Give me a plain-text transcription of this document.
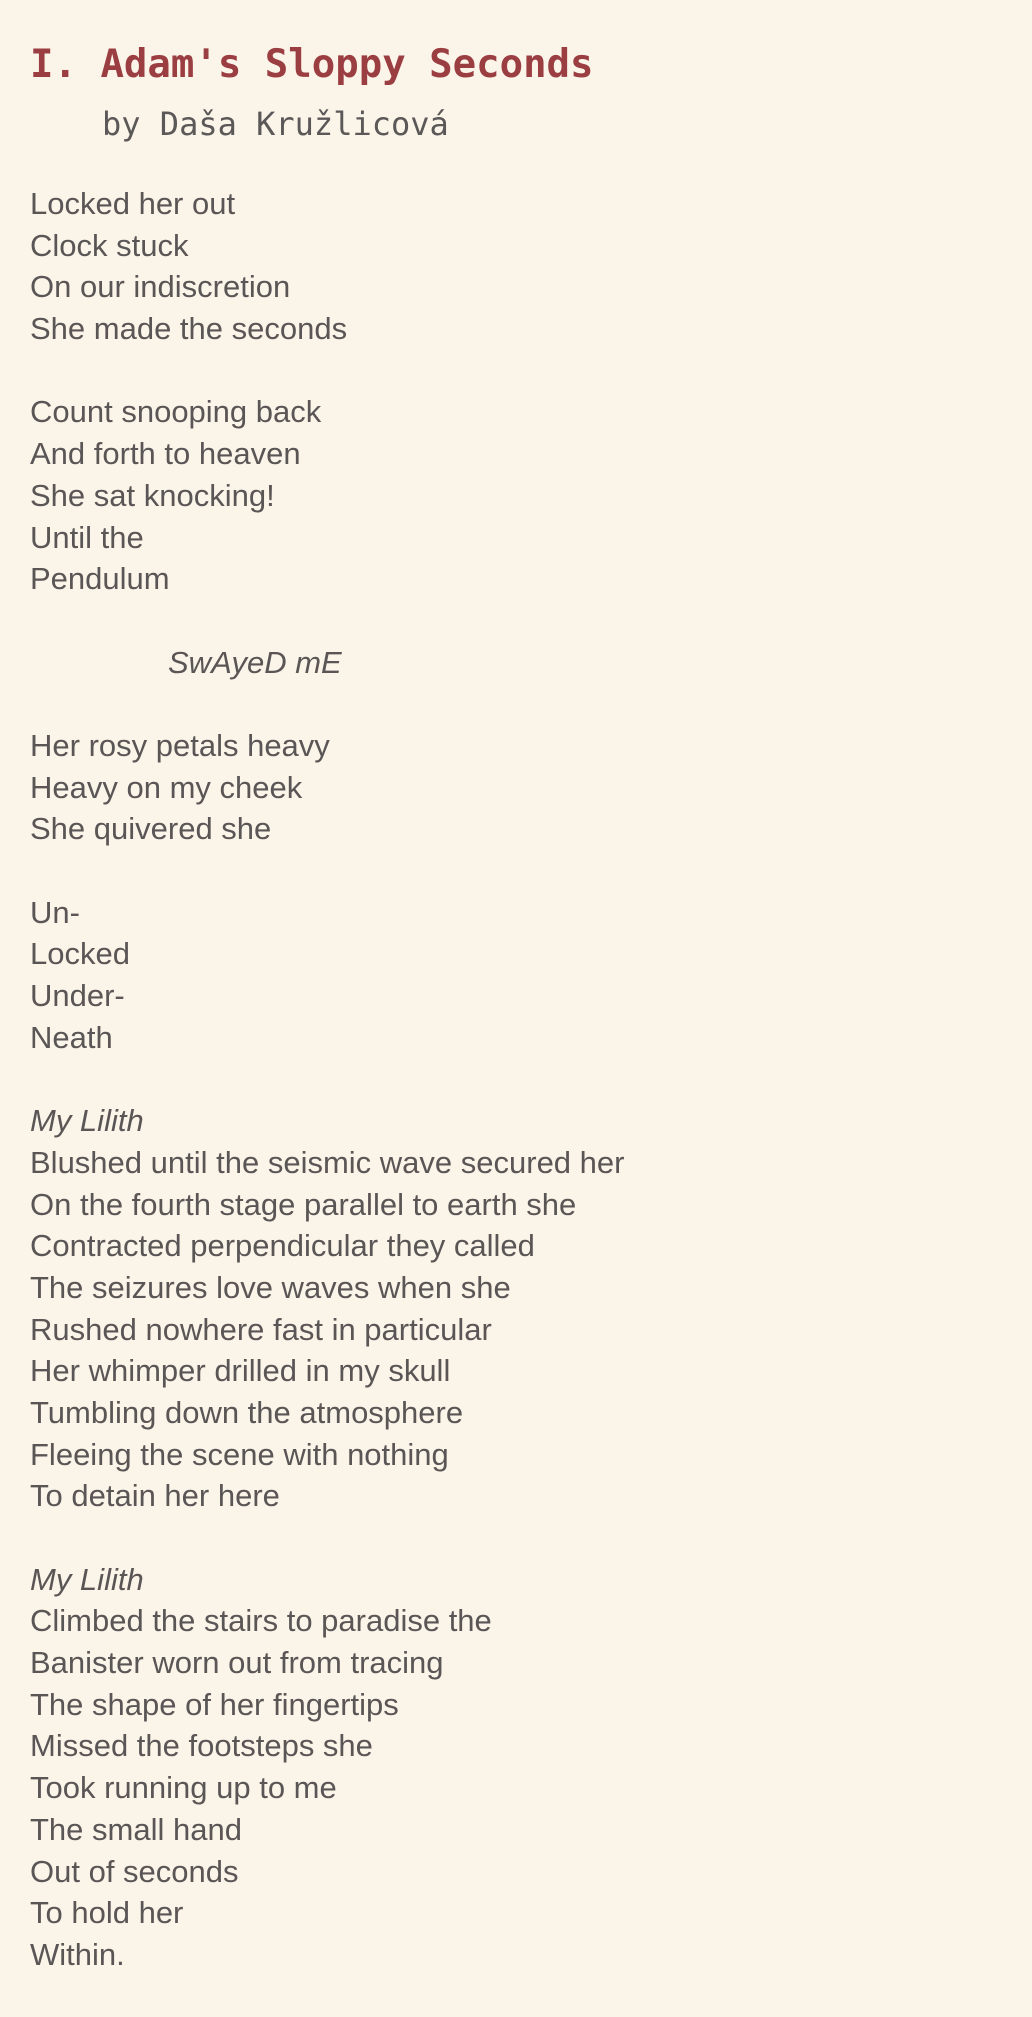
I. Adam's Sloppy Seconds
by Daša Kružlicová
Locked her out
Clock stuck
On our indiscretion
She made the seconds
Count snooping back
And forth to heaven
She sat knocking!
Until the
Pendulum
SwAyeD mE
Her rosy petals heavy
Heavy on my cheek
She quivered she
Un-
Locked
Under-
Neath
My Lilith
Blushed until the seismic wave secured her
On the fourth stage parallel to earth she
Contracted perpendicular they called
The seizures love waves when she
Rushed nowhere fast in particular
Her whimper drilled in my skull
Tumbling down the atmosphere
Fleeing the scene with nothing
To detain her here
My Lilith
Climbed the stairs to paradise the
Banister worn out from tracing
The shape of her fingertips
Missed the footsteps she
Took running up to me
The small hand
Out of seconds
To hold her
Within.
